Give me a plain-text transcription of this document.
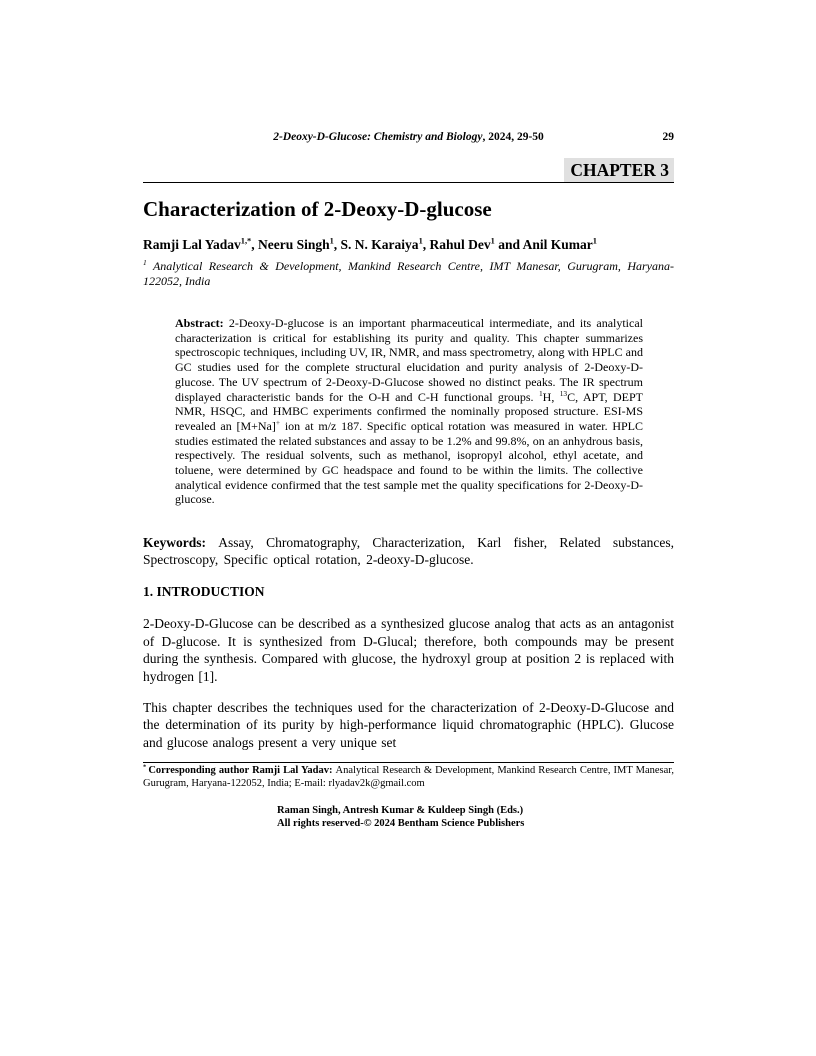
2-Deoxy-D-Glucose: Chemistry and Biology, 2024, 29-50	29
CHAPTER 3
Characterization of 2-Deoxy-D-glucose
Ramji Lal Yadav$^{1,*}$, Neeru Singh$^1$, S. N. Karaiya$^1$, Rahul Dev$^1$ and Anil Kumar$^1$
$^1$ Analytical Research & Development, Mankind Research Centre, IMT Manesar, Gurugram, Haryana-122052, India
Abstract: 2-Deoxy-D-glucose is an important pharmaceutical intermediate, and its analytical characterization is critical for establishing its purity and quality. This chapter summarizes spectroscopic techniques, including UV, IR, NMR, and mass spectrometry, along with HPLC and GC studies used for the complete structural elucidation and purity analysis of 2-Deoxy-D-glucose. The UV spectrum of 2-Deoxy-D-Glucose showed no distinct peaks. The IR spectrum displayed characteristic bands for the O-H and C-H functional groups. $^1$H, $^{13}$C, APT, DEPT NMR, HSQC, and HMBC experiments confirmed the nominally proposed structure. ESI-MS revealed an [M+Na]+ ion at m/z 187. Specific optical rotation was measured in water. HPLC studies estimated the related substances and assay to be 1.2% and 99.8%, on an anhydrous basis, respectively. The residual solvents, such as methanol, isopropyl alcohol, ethyl acetate, and toluene, were determined by GC headspace and found to be within the limits. The collective analytical evidence confirmed that the test sample met the quality specifications for 2-Deoxy-D-glucose.
Keywords: Assay, Chromatography, Characterization, Karl fisher, Related substances, Spectroscopy, Specific optical rotation, 2-deoxy-D-glucose.
1. INTRODUCTION

2-Deoxy-D-Glucose can be described as a synthesized glucose analog that acts as an antagonist of D-glucose. It is synthesized from D-Glucal; therefore, both compounds may be present during the synthesis. Compared with glucose, the hydroxyl group at position 2 is replaced with hydrogen [1].

This chapter describes the techniques used for the characterization of 2-Deoxy-D-Glucose and the determination of its purity by high-performance liquid chromatographic (HPLC). Glucose and glucose analogs present a very unique set

* Corresponding author Ramji Lal Yadav: Analytical Research & Development, Mankind Research Centre, IMT Manesar, Gurugram, Haryana-122052, India; E-mail: rlyadav2k@gmail.com
Raman Singh, Antresh Kumar & Kuldeep Singh (Eds.)
All rights reserved-© 2024 Bentham Science Publishers
